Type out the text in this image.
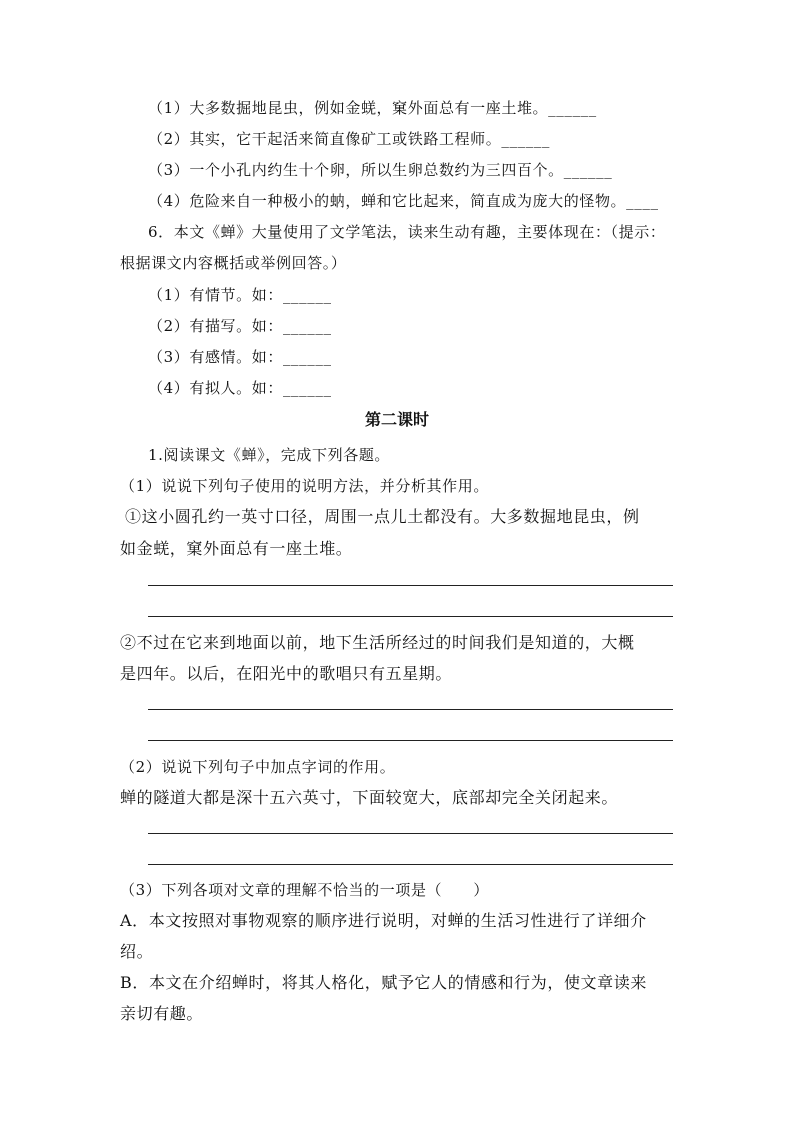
（1）大多数掘地昆虫，例如金蜣，窠外面总有一座土堆。______
（2）其实，它干起活来简直像矿工或铁路工程师。______
（3）一个小孔内约生十个卵，所以生卵总数约为三四百个。______
（4）危险来自一种极小的蚋，蝉和它比起来，简直成为庞大的怪物。____
6．本文《蝉》大量使用了文学笔法，读来生动有趣，主要体现在：（提示：
根据课文内容概括或举例回答。）
（1）有情节。如：______
（2）有描写。如：______
（3）有感情。如：______
（4）有拟人。如：______
第二课时
1.阅读课文《蝉》，完成下列各题。
（1）说说下列句子使用的说明方法，并分析其作用。
①这小圆孔约一英寸口径，周围一点儿土都没有。大多数掘地昆虫，例
如金蜣，窠外面总有一座土堆。
②不过在它来到地面以前，地下生活所经过的时间我们是知道的，大概
是四年。以后，在阳光中的歌唱只有五星期。
（2）说说下列句子中加点字词的作用。
蝉的隧道大都是深十五六英寸，下面较宽大，底部却完全关闭起来。
（3）下列各项对文章的理解不恰当的一项是（　　）
A．本文按照对事物观察的顺序进行说明，对蝉的生活习性进行了详细介
绍。
B．本文在介绍蝉时，将其人格化，赋予它人的情感和行为，使文章读来
亲切有趣。
